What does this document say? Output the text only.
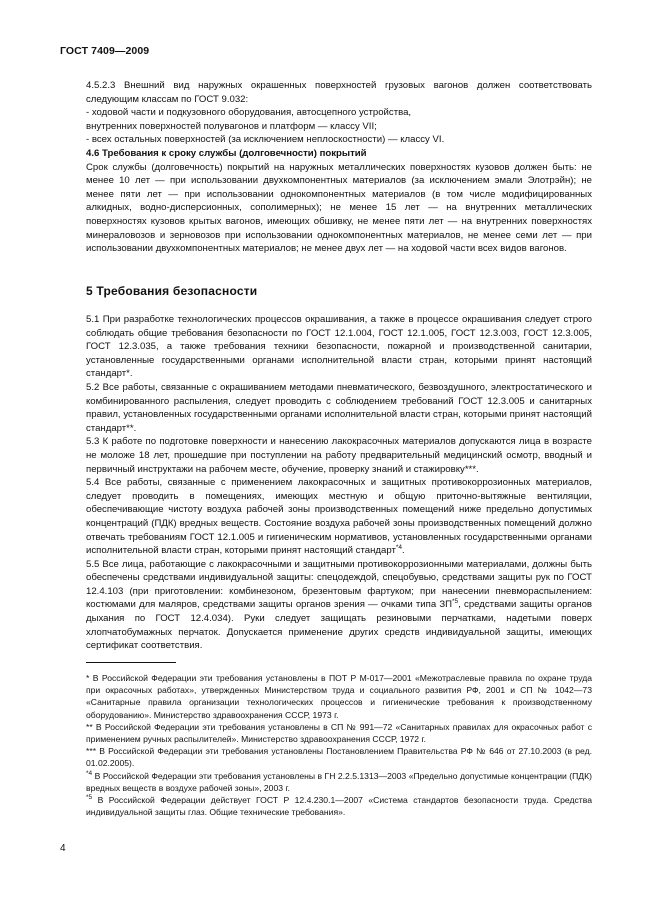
ГОСТ 7409—2009

4.5.2.3 Внешний вид наружных окрашенных поверхностей грузовых вагонов должен соответствовать следующим классам по ГОСТ 9.032:

- ходовой части и подкузовного оборудования, автосцепного устройства,

внутренних поверхностей полувагонов и платформ — классу VII;

- всех остальных поверхностей (за исключением неплоскостности) — классу VI.

4.6 Требования к сроку службы (долговечности) покрытий

Срок службы (долговечность) покрытий на наружных металлических поверхностях кузовов должен быть: не менее 10 лет — при использовании двухкомпонентных материалов (за исключением эмали Элотрэйн); не менее пяти лет — при использовании однокомпонентных материалов (в том числе модифицированных алкидных, водно-дисперсионных, сополимерных); не менее 15 лет — на внутренних металлических поверхностях кузовов крытых вагонов, имеющих обшивку, не менее пяти лет — на внутренних поверхностях минераловозов и зерновозов при использовании однокомпонентных материалов, не менее семи лет — при использовании двухкомпонентных материалов; не менее двух лет — на ходовой части всех видов вагонов.

5 Требования безопасности

5.1 При разработке технологических процессов окрашивания, а также в процессе окрашивания следует строго соблюдать общие требования безопасности по ГОСТ 12.1.004, ГОСТ 12.1.005, ГОСТ 12.3.003, ГОСТ 12.3.005, ГОСТ 12.3.035, а также требования техники безопасности, пожарной и производственной санитарии, установленные государственными органами исполнительной власти стран, которыми принят настоящий стандарт*.

5.2 Все работы, связанные с окрашиванием методами пневматического, безвоздушного, электростатического и комбинированного распыления, следует проводить с соблюдением требований ГОСТ 12.3.005 и санитарных правил, установленных государственными органами исполнительной власти стран, которыми принят настоящий стандарт**.

5.3 К работе по подготовке поверхности и нанесению лакокрасочных материалов допускаются лица в возрасте не моложе 18 лет, прошедшие при поступлении на работу предварительный медицинский осмотр, вводный и первичный инструктажи на рабочем месте, обучение, проверку знаний и стажировку***.

5.4 Все работы, связанные с применением лакокрасочных и защитных противокоррозионных материалов, следует проводить в помещениях, имеющих местную и общую приточно-вытяжные вентиляции, обеспечивающие чистоту воздуха рабочей зоны производственных помещений ниже предельно допустимых концентраций (ПДК) вредных веществ. Состояние воздуха рабочей зоны производственных помещений должно отвечать требованиям ГОСТ 12.1.005 и гигиеническим нормативов, установленных государственными органами исполнительной власти стран, которыми принят настоящий стандарт$^{*4}$.

5.5 Все лица, работающие с лакокрасочными и защитными противокоррозионными материалами, должны быть обеспечены средствами индивидуальной защиты: спецодеждой, спецобувью, средствами защиты рук по ГОСТ 12.4.103 (при приготовлении: комбинезоном, брезентовым фартуком; при нанесении пневмораспылением: костюмами для маляров, средствами защиты органов зрения — очками типа ЗП$^{*5}$, средствами защиты органов дыхания по ГОСТ 12.4.034). Руки следует защищать резиновыми перчатками, надетыми поверх хлопчатобумажных перчаток. Допускается применение других средств индивидуальной защиты, имеющих сертификат соответствия.

* В Российской Федерации эти требования установлены в ПОТ Р М-017—2001 «Межотраслевые правила по охране труда при окрасочных работах», утвержденных Министерством труда и социального развития РФ, 2001 и СП № 1042—73 «Санитарные правила организации технологических процессов и гигиенические требования к производственному оборудованию». Министерство здравоохранения СССР, 1973 г.

** В Российской Федерации эти требования установлены в СП № 991—72 «Санитарных правилах для окрасочных работ с применением ручных распылителей». Министерство здравоохранения СССР, 1972 г.

*** В Российской Федерации эти требования установлены Постановлением Правительства РФ № 646 от 27.10.2003 (в ред. 01.02.2005).

$^{*4}$ В Российской Федерации эти требования установлены в ГН 2.2.5.1313—2003 «Предельно допустимые концентрации (ПДК) вредных веществ в воздухе рабочей зоны», 2003 г.

$^{*5}$ В Российской Федерации действует ГОСТ Р 12.4.230.1—2007 «Система стандартов безопасности труда. Средства индивидуальной защиты глаз. Общие технические требования».

4
